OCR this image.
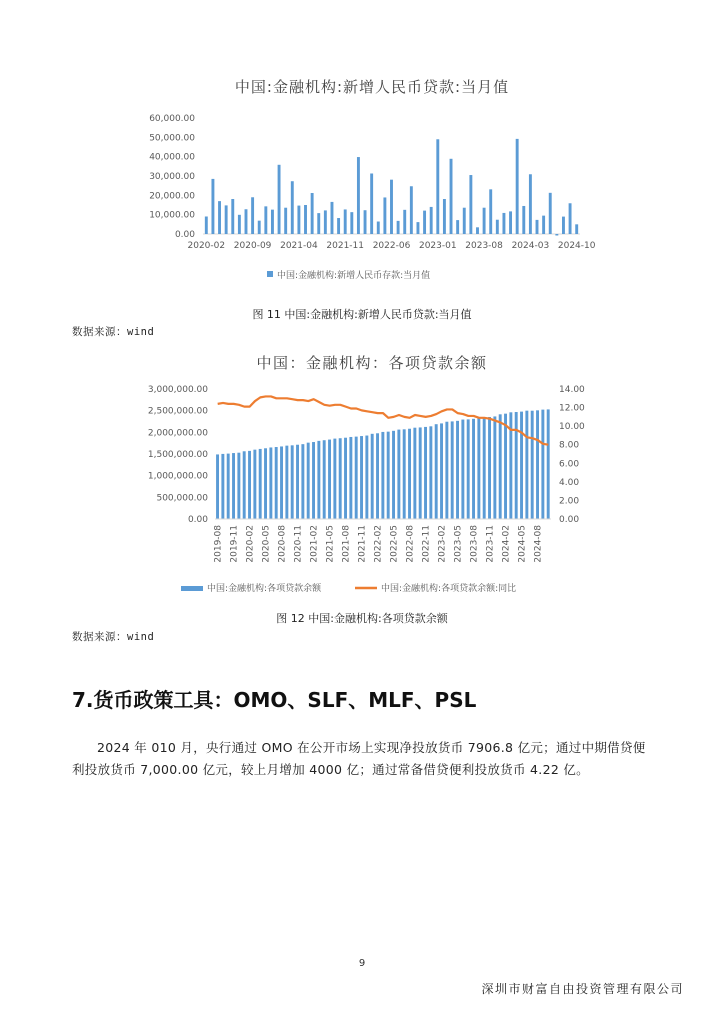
中国:金融机构:新增人民币贷款:当月值
0.00
10,000.00
20,000.00
30,000.00
40,000.00
50,000.00
60,000.00
2020-02 2020-09 2021-04 2021-11 2022-06 2023-01 2023-08 2024-03 2024-10
中国:金融机构:新增人民币存款:当月值
图 11 中国:金融机构:新增人民币贷款:当月值
数据来源：wind
中国：金融机构：各项贷款余额
0.00
500,000.00
1,000,000.00
1,500,000.00
2,000,000.00
2,500,000.00
3,000,000.00
0.00
2.00
4.00
6.00
8.00
10.00
12.00
14.00
2019-08 2019-11 2020-02 2020-05 2020-08 2020-11 2021-02 2021-05 2021-08 2021-11 2022-02 2022-05 2022-08 2022-11 2023-02 2023-05 2023-08 2023-11 2024-02 2024-05 2024-08
中国:金融机构:各项贷款余额	中国:金融机构:各项贷款余额:同比
图 12 中国:金融机构:各项贷款余额
数据来源：wind
7.货币政策工具：OMO、SLF、MLF、PSL
2024 年 010 月，央行通过 OMO 在公开市场上实现净投放货币 7906.8 亿元；通过中期借贷便利投放货币 7,000.00 亿元，较上月增加 4000 亿；通过常备借贷便利投放货币 4.22 亿。
9
深圳市财富自由投资管理有限公司
